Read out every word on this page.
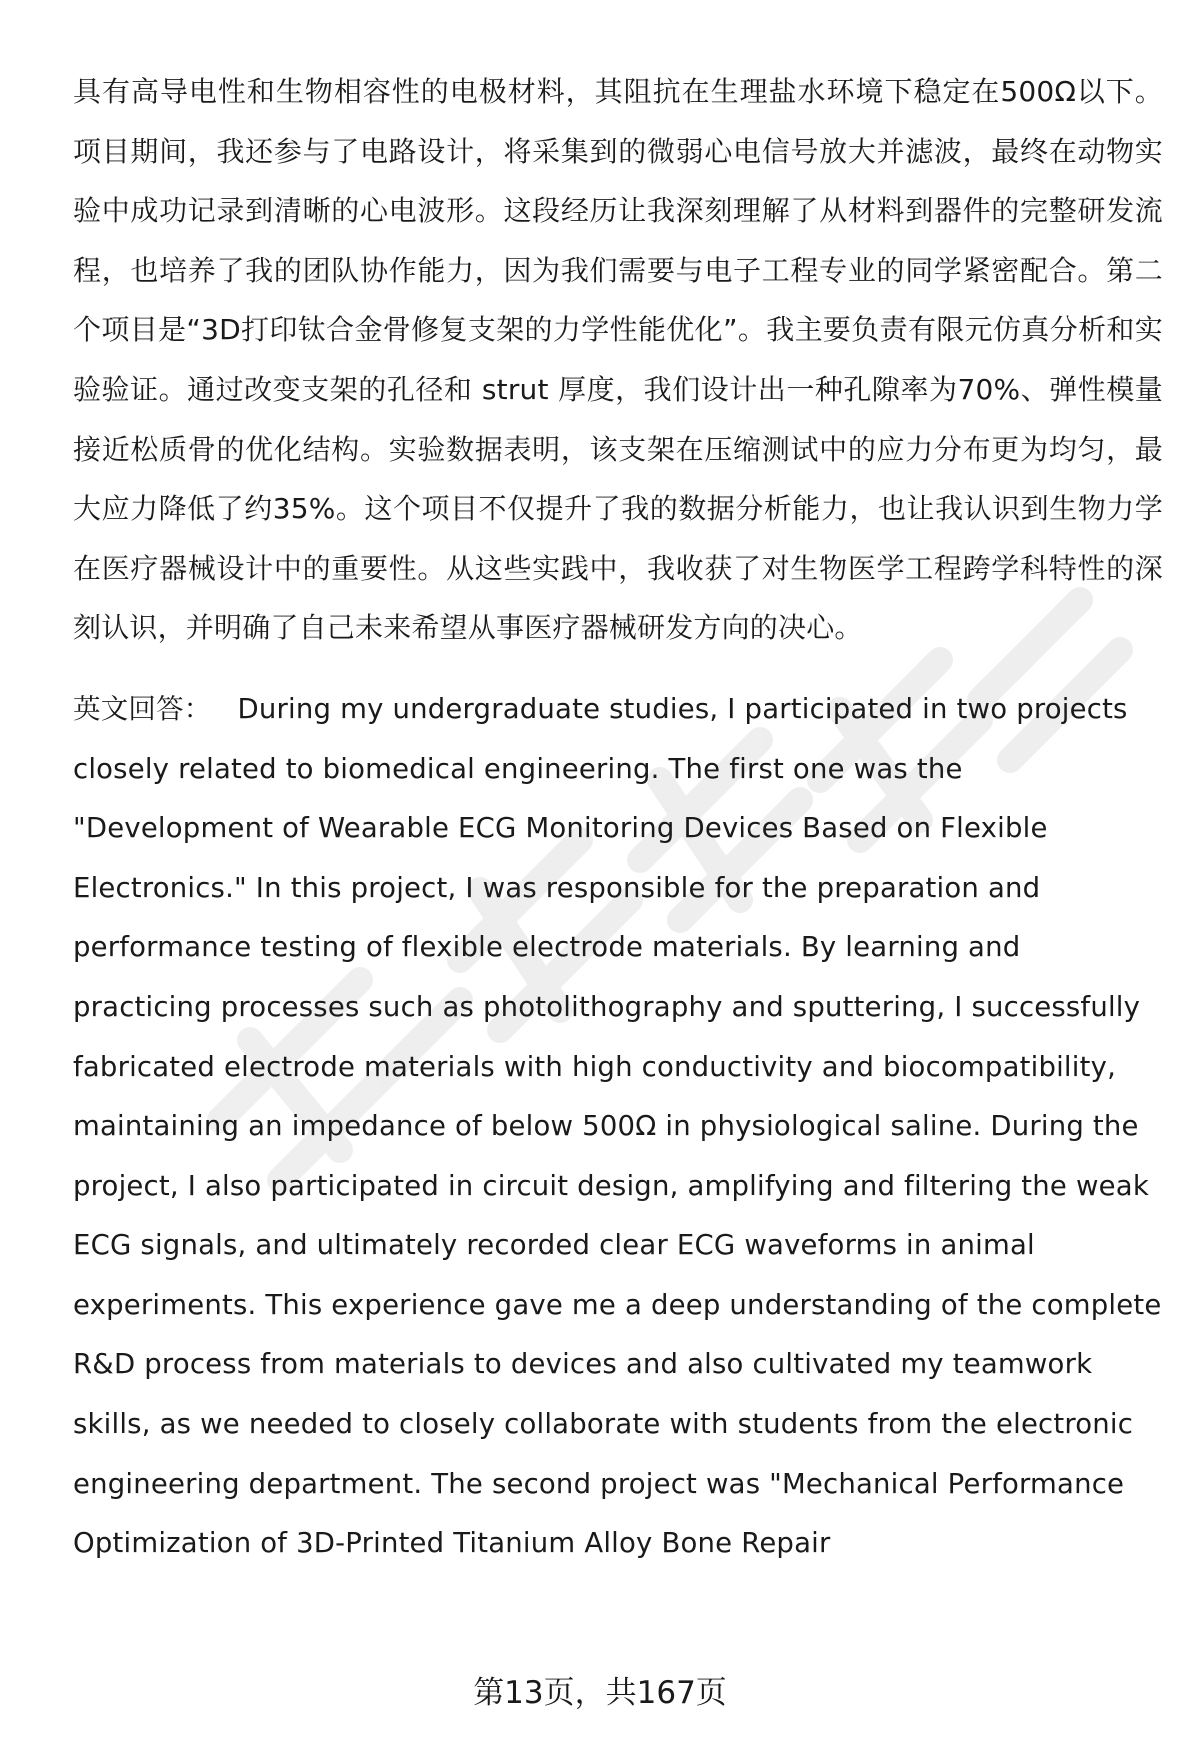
具有高导电性和生物相容性的电极材料，其阻抗在生理盐水环境下稳定在500Ω以下。项目期间，我还参与了电路设计，将采集到的微弱心电信号放大并滤波，最终在动物实验中成功记录到清晰的心电波形。这段经历让我深刻理解了从材料到器件的完整研发流程，也培养了我的团队协作能力，因为我们需要与电子工程专业的同学紧密配合。第二个项目是“3D打印钛合金骨修复支架的力学性能优化”。我主要负责有限元仿真分析和实验验证。通过改变支架的孔径和 strut 厚度，我们设计出一种孔隙率为70%、弹性模量接近松质骨的优化结构。实验数据表明，该支架在压缩测试中的应力分布更为均匀，最大应力降低了约35%。这个项目不仅提升了我的数据分析能力，也让我认识到生物力学在医疗器械设计中的重要性。从这些实践中，我收获了对生物医学工程跨学科特性的深刻认识，并明确了自己未来希望从事医疗器械研发方向的决心。

英文回答： During my undergraduate studies, I participated in two projects closely related to biomedical engineering. The first one was the "Development of Wearable ECG Monitoring Devices Based on Flexible Electronics." In this project, I was responsible for the preparation and performance testing of flexible electrode materials. By learning and practicing processes such as photolithography and sputtering, I successfully fabricated electrode materials with high conductivity and biocompatibility, maintaining an impedance of below 500Ω in physiological saline. During the project, I also participated in circuit design, amplifying and filtering the weak ECG signals, and ultimately recorded clear ECG waveforms in animal experiments. This experience gave me a deep understanding of the complete R&D process from materials to devices and also cultivated my teamwork skills, as we needed to closely collaborate with students from the electronic engineering department. The second project was "Mechanical Performance Optimization of 3D-Printed Titanium Alloy Bone Repair

第13页，共167页
